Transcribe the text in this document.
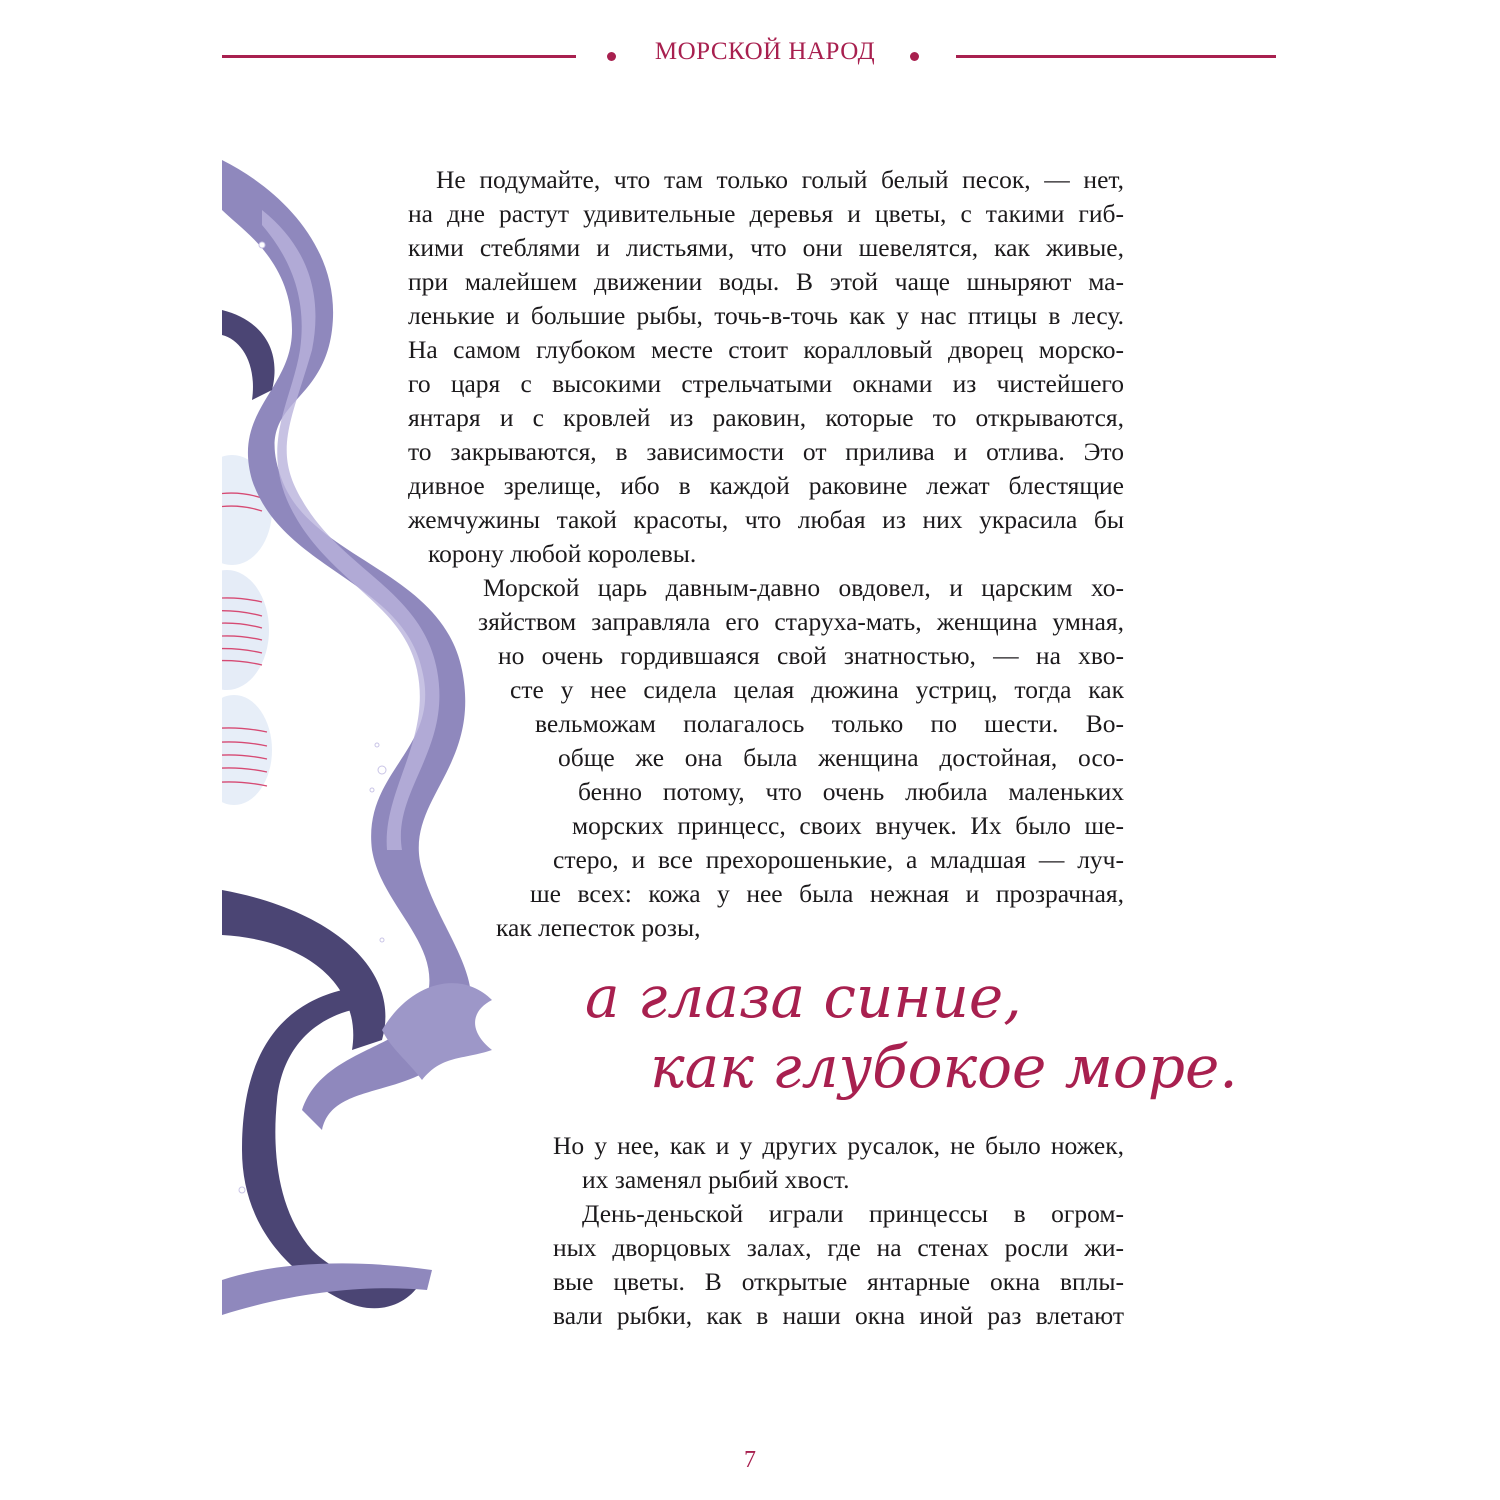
МОРСКОЙ НАРОД
Не подумайте, что там только голый белый песок, — нет,
на дне растут удивительные деревья и цветы, с такими гиб-
кими стеблями и листьями, что они шевелятся, как живые,
при малейшем движении воды. В этой чаще шныряют ма-
ленькие и большие рыбы, точь-в-точь как у нас птицы в лесу.
На самом глубоком месте стоит коралловый дворец морско-
го царя с высокими стрельчатыми окнами из чистейшего
янтаря и с кровлей из раковин, которые то открываются,
то закрываются, в зависимости от прилива и отлива. Это
дивное зрелище, ибо в каждой раковине лежат блестящие
жемчужины такой красоты, что любая из них украсила бы
корону любой королевы.
Морской царь давным-давно овдовел, и царским хо-
зяйством заправляла его старуха-мать, женщина умная,
но очень гордившаяся свой знатностью, — на хво-
сте у нее сидела целая дюжина устриц, тогда как
вельможам полагалось только по шести. Во-
обще же она была женщина достойная, осо-
бенно потому, что очень любила маленьких
морских принцесс, своих внучек. Их было ше-
стеро, и все прехорошенькие, а младшая — луч-
ше всех: кожа у нее была нежная и прозрачная,
как лепесток розы,
а глаза синие,
как глубокое море.
Но у нее, как и у других русалок, не было ножек,
их заменял рыбий хвост.
День-деньской играли принцессы в огром-
ных дворцовых залах, где на стенах росли жи-
вые цветы. В открытые янтарные окна вплы-
вали рыбки, как в наши окна иной раз влетают
7
